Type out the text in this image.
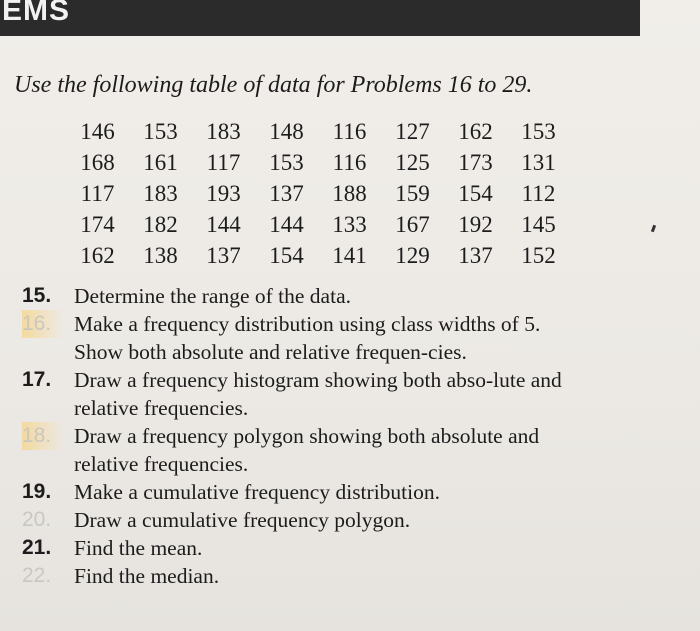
EMS
Use the following table of data for Problems 16 to 29.
146	153	183	148	116	127	162	153
168	161	117	153	116	125	173	131
117	183	193	137	188	159	154	112
174	182	144	144	133	167	192	145
162	138	137	154	141	129	137	152
15.	Determine the range of the data.
16.	Make a frequency distribution using class widths of 5. Show both absolute and relative frequen-cies.
17.	Draw a frequency histogram showing both abso-lute and relative frequencies.
18.	Draw a frequency polygon showing both absolute and relative frequencies.
19.	Make a cumulative frequency distribution.
20.	Draw a cumulative frequency polygon.
21.	Find the mean.
22.	Find the median.
